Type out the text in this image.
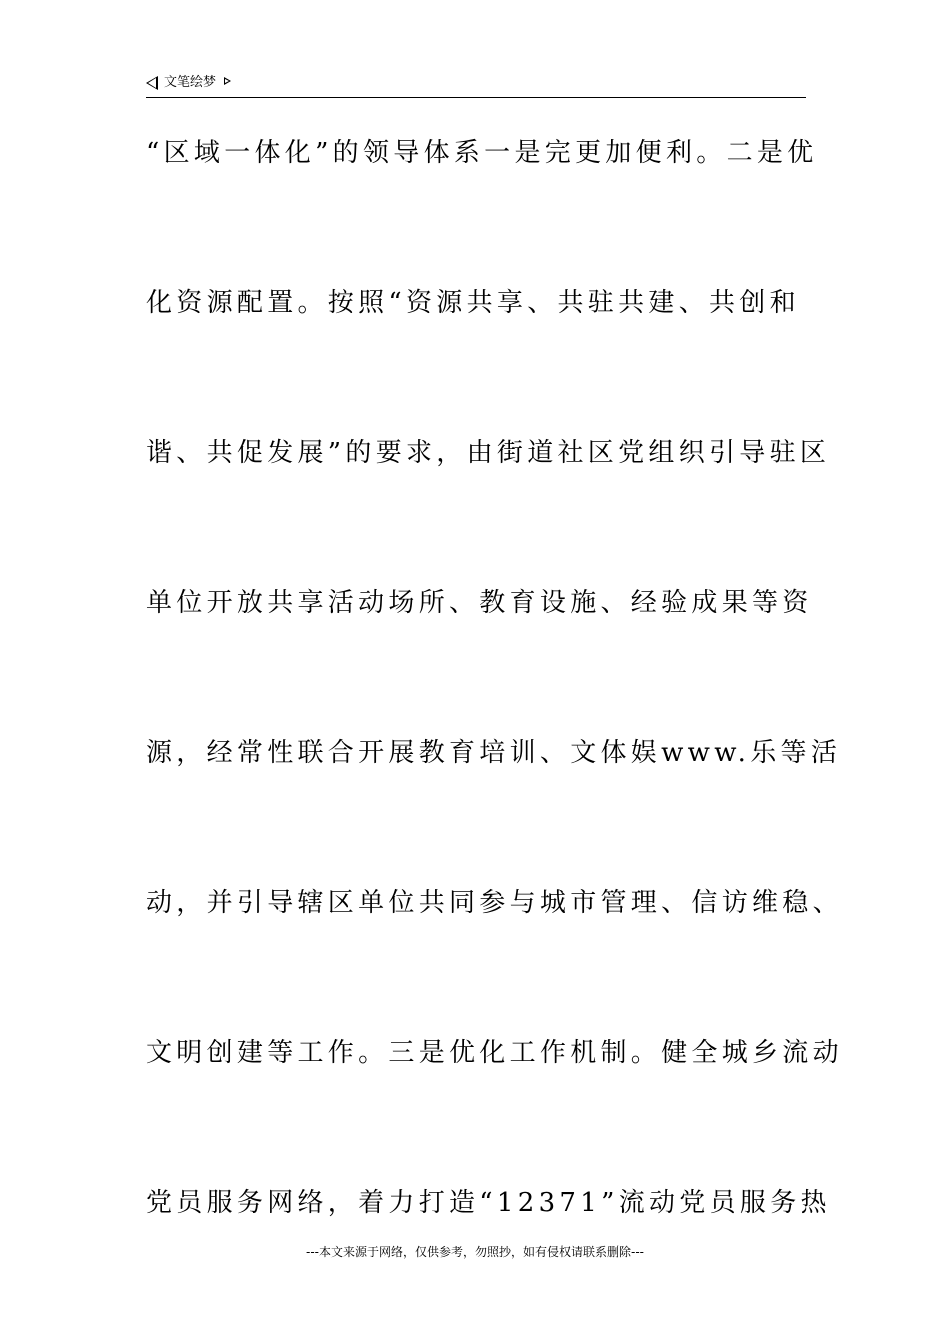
文笔绘梦
“区域一体化”的领导体系一是完更加便利。二是优
化资源配置。按照“资源共享、共驻共建、共创和
谐、共促发展”的要求，由街道社区党组织引导驻区
单位开放共享活动场所、教育设施、经验成果等资
源，经常性联合开展教育培训、文体娱www.乐等活
动，并引导辖区单位共同参与城市管理、信访维稳、
文明创建等工作。三是优化工作机制。健全城乡流动
党员服务网络，着力打造“12371”流动党员服务热
---本文来源于网络，仅供参考，勿照抄，如有侵权请联系删除---
